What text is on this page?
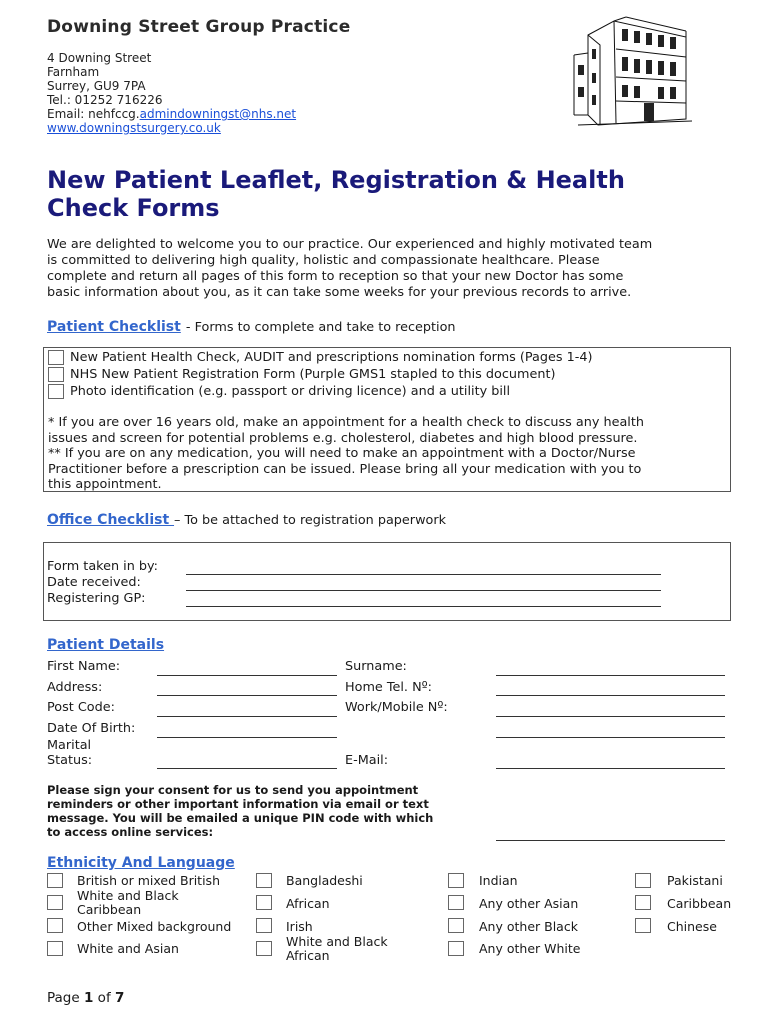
Downing Street Group Practice
4 Downing Street
Farnham
Surrey, GU9 7PA
Tel.: 01252 716226
Email: nehfccg.admindowningst@nhs.net
www.downingstsurgery.co.uk
New Patient Leaflet, Registration & Health
Check Forms
We are delighted to welcome you to our practice. Our experienced and highly motivated team
is committed to delivering high quality, holistic and compassionate healthcare. Please
complete and return all pages of this form to reception so that your new Doctor has some
basic information about you, as it can take some weeks for your previous records to arrive.
Patient Checklist - Forms to complete and take to reception
New Patient Health Check, AUDIT and prescriptions nomination forms (Pages 1-4)
NHS New Patient Registration Form (Purple GMS1 stapled to this document)
Photo identification (e.g. passport or driving licence) and a utility bill
* If you are over 16 years old, make an appointment for a health check to discuss any health
issues and screen for potential problems e.g. cholesterol, diabetes and high blood pressure.
** If you are on any medication, you will need to make an appointment with a Doctor/Nurse
Practitioner before a prescription can be issued. Please bring all your medication with you to
this appointment.
Office Checklist – To be attached to registration paperwork
Form taken in by:
Date received:
Registering GP:
Patient Details
First Name:
Address:
Post Code:
Date Of Birth:
Marital
Status:
Surname:
Home Tel. Nº:
Work/Mobile Nº:
E-Mail:
Please sign your consent for us to send you appointment
reminders or other important information via email or text
message. You will be emailed a unique PIN code with which
to access online services:
Ethnicity And Language
British or mixed British
White and Black Caribbean
Other Mixed background
White and Asian
Bangladeshi
African
Irish
White and Black African
Indian
Any other Asian
Any other Black
Any other White
Pakistani
Caribbean
Chinese
Page 1 of 7
